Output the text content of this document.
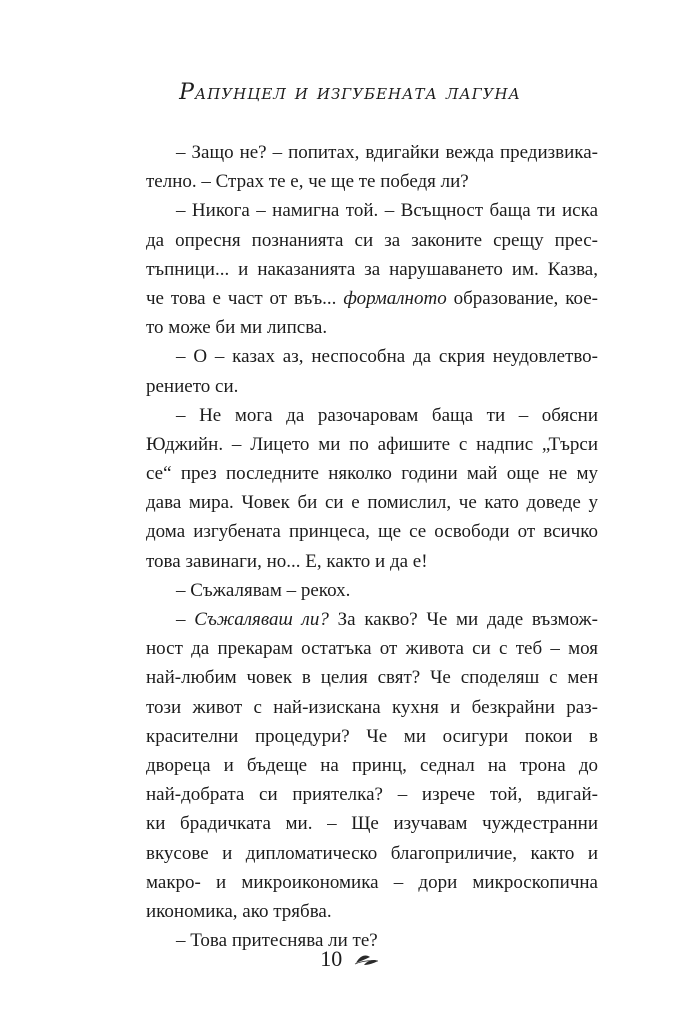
Рапунцел и изгубената лагуна
– Защо не? – попитах, вдигайки вежда предизвика-
телно. – Страх те е, че ще те победя ли?
– Никога – намигна той. – Всъщност баща ти иска
да опресня познанията си за законите срещу прес-
тъпници... и наказанията за нарушаването им. Казва,
че това е част от въъ... формалното образование, кое-
то може би ми липсва.
– О – казах аз, неспособна да скрия неудовлетво-
рението си.
– Не мога да разочаровам баща ти – обясни
Юджийн. – Лицето ми по афишите с надпис „Търси
се“ през последните няколко години май още не му
дава мира. Човек би си е помислил, че като доведе у
дома изгубената принцеса, ще се освободи от всичко
това завинаги, но... Е, както и да е!
– Съжалявам – рекох.
– Съжаляваш ли? За какво? Че ми даде възмож-
ност да прекарам остатъка от живота си с теб – моя
най-любим човек в целия свят? Че споделяш с мен
този живот с най-изискана кухня и безкрайни раз-
красителни процедури? Че ми осигури покои в
двореца и бъдеще на принц, седнал на трона до
най-добрата си приятелка? – изрече той, вдигай-
ки брадичката ми. – Ще изучавам чуждестранни
вкусове и дипломатическо благоприличие, както и
макро- и микроикономика – дори микроскопична
икономика, ако трябва.
– Това притеснява ли те?
10
